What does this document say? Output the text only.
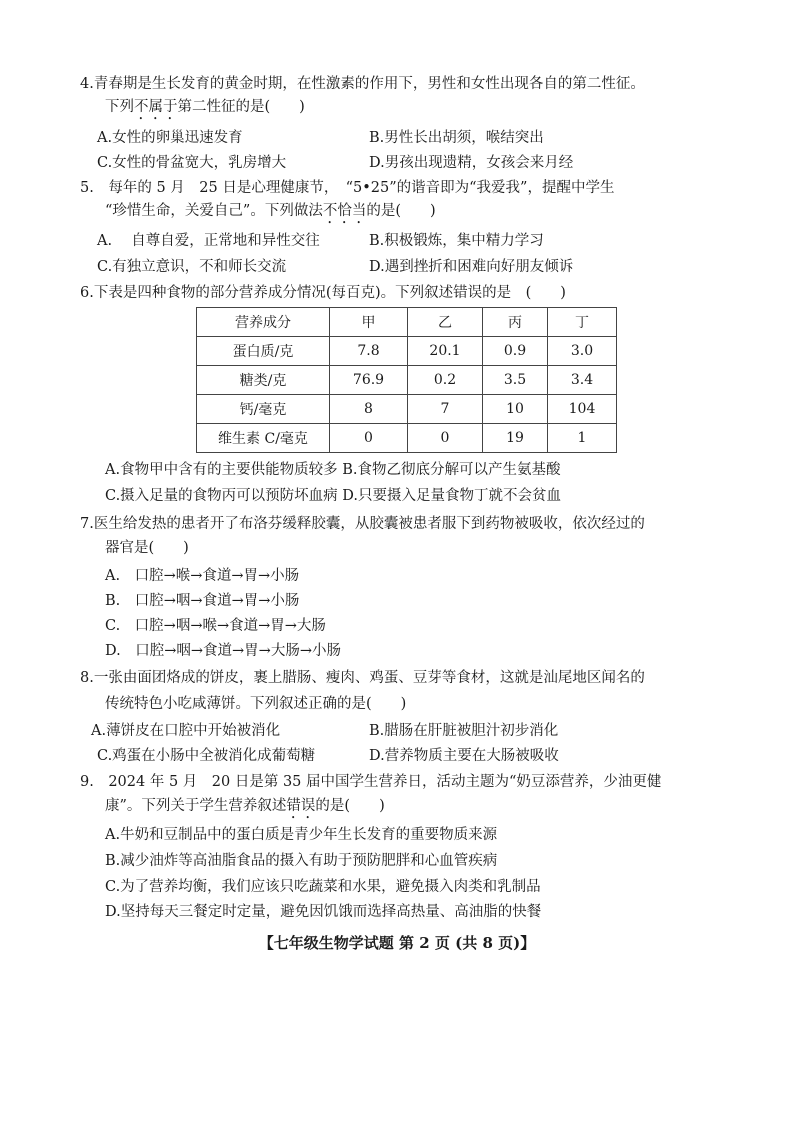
4.青春期是生长发育的黄金时期，在性激素的作用下，男性和女性出现各自的第二性征。
下列不属于第二性征的是(　　)
A.女性的卵巢迅速发育	B.男性长出胡须，喉结突出
C.女性的骨盆宽大，乳房增大	D.男孩出现遗精，女孩会来月经
5.　每年的 5 月　25 日是心理健康节，　“5•25”的谐音即为“我爱我”，提醒中学生
“珍惜生命，关爱自己”。下列做法不恰当的是(　　)
A.　 自尊自爱，正常地和异性交往	B.积极锻炼，集中精力学习
C.有独立意识，不和师长交流	D.遇到挫折和困难向好朋友倾诉
6.下表是四种食物的部分营养成分情况(每百克)。下列叙述错误的是　(　　)
营养成分	甲	乙	丙	丁
蛋白质/克	7.8	20.1	0.9	3.0
糖类/克	76.9	0.2	3.5	3.4
钙/毫克	8	7	10	104
维生素 C/毫克	0	0	19	1
A.食物甲中含有的主要供能物质较多 B.食物乙彻底分解可以产生氨基酸
C.摄入足量的食物丙可以预防坏血病 D.只要摄入足量食物丁就不会贫血
7.医生给发热的患者开了布洛芬缓释胶囊，从胶囊被患者服下到药物被吸收，依次经过的
器官是(　　)
A.　口腔→喉→食道→胃→小肠
B.　口腔→咽→食道→胃→小肠
C.　口腔→咽→喉→食道→胃→大肠
D.　口腔→咽→食道→胃→大肠→小肠
8.一张由面团烙成的饼皮，裹上腊肠、瘦肉、鸡蛋、豆芽等食材，这就是汕尾地区闻名的
传统特色小吃咸薄饼。下列叙述正确的是(　　)
A.薄饼皮在口腔中开始被消化	B.腊肠在肝脏被胆汁初步消化
C.鸡蛋在小肠中全被消化成葡萄糖	D.营养物质主要在大肠被吸收
9.　2024 年 5 月　20 日是第 35 届中国学生营养日，活动主题为“奶豆添营养，少油更健
康”。下列关于学生营养叙述错误的是(　　)
A.牛奶和豆制品中的蛋白质是青少年生长发育的重要物质来源
B.减少油炸等高油脂食品的摄入有助于预防肥胖和心血管疾病
C.为了营养均衡，我们应该只吃蔬菜和水果，避免摄入肉类和乳制品
D.坚持每天三餐定时定量，避免因饥饿而选择高热量、高油脂的快餐
【七年级生物学试题 第 2 页 (共 8 页)】
